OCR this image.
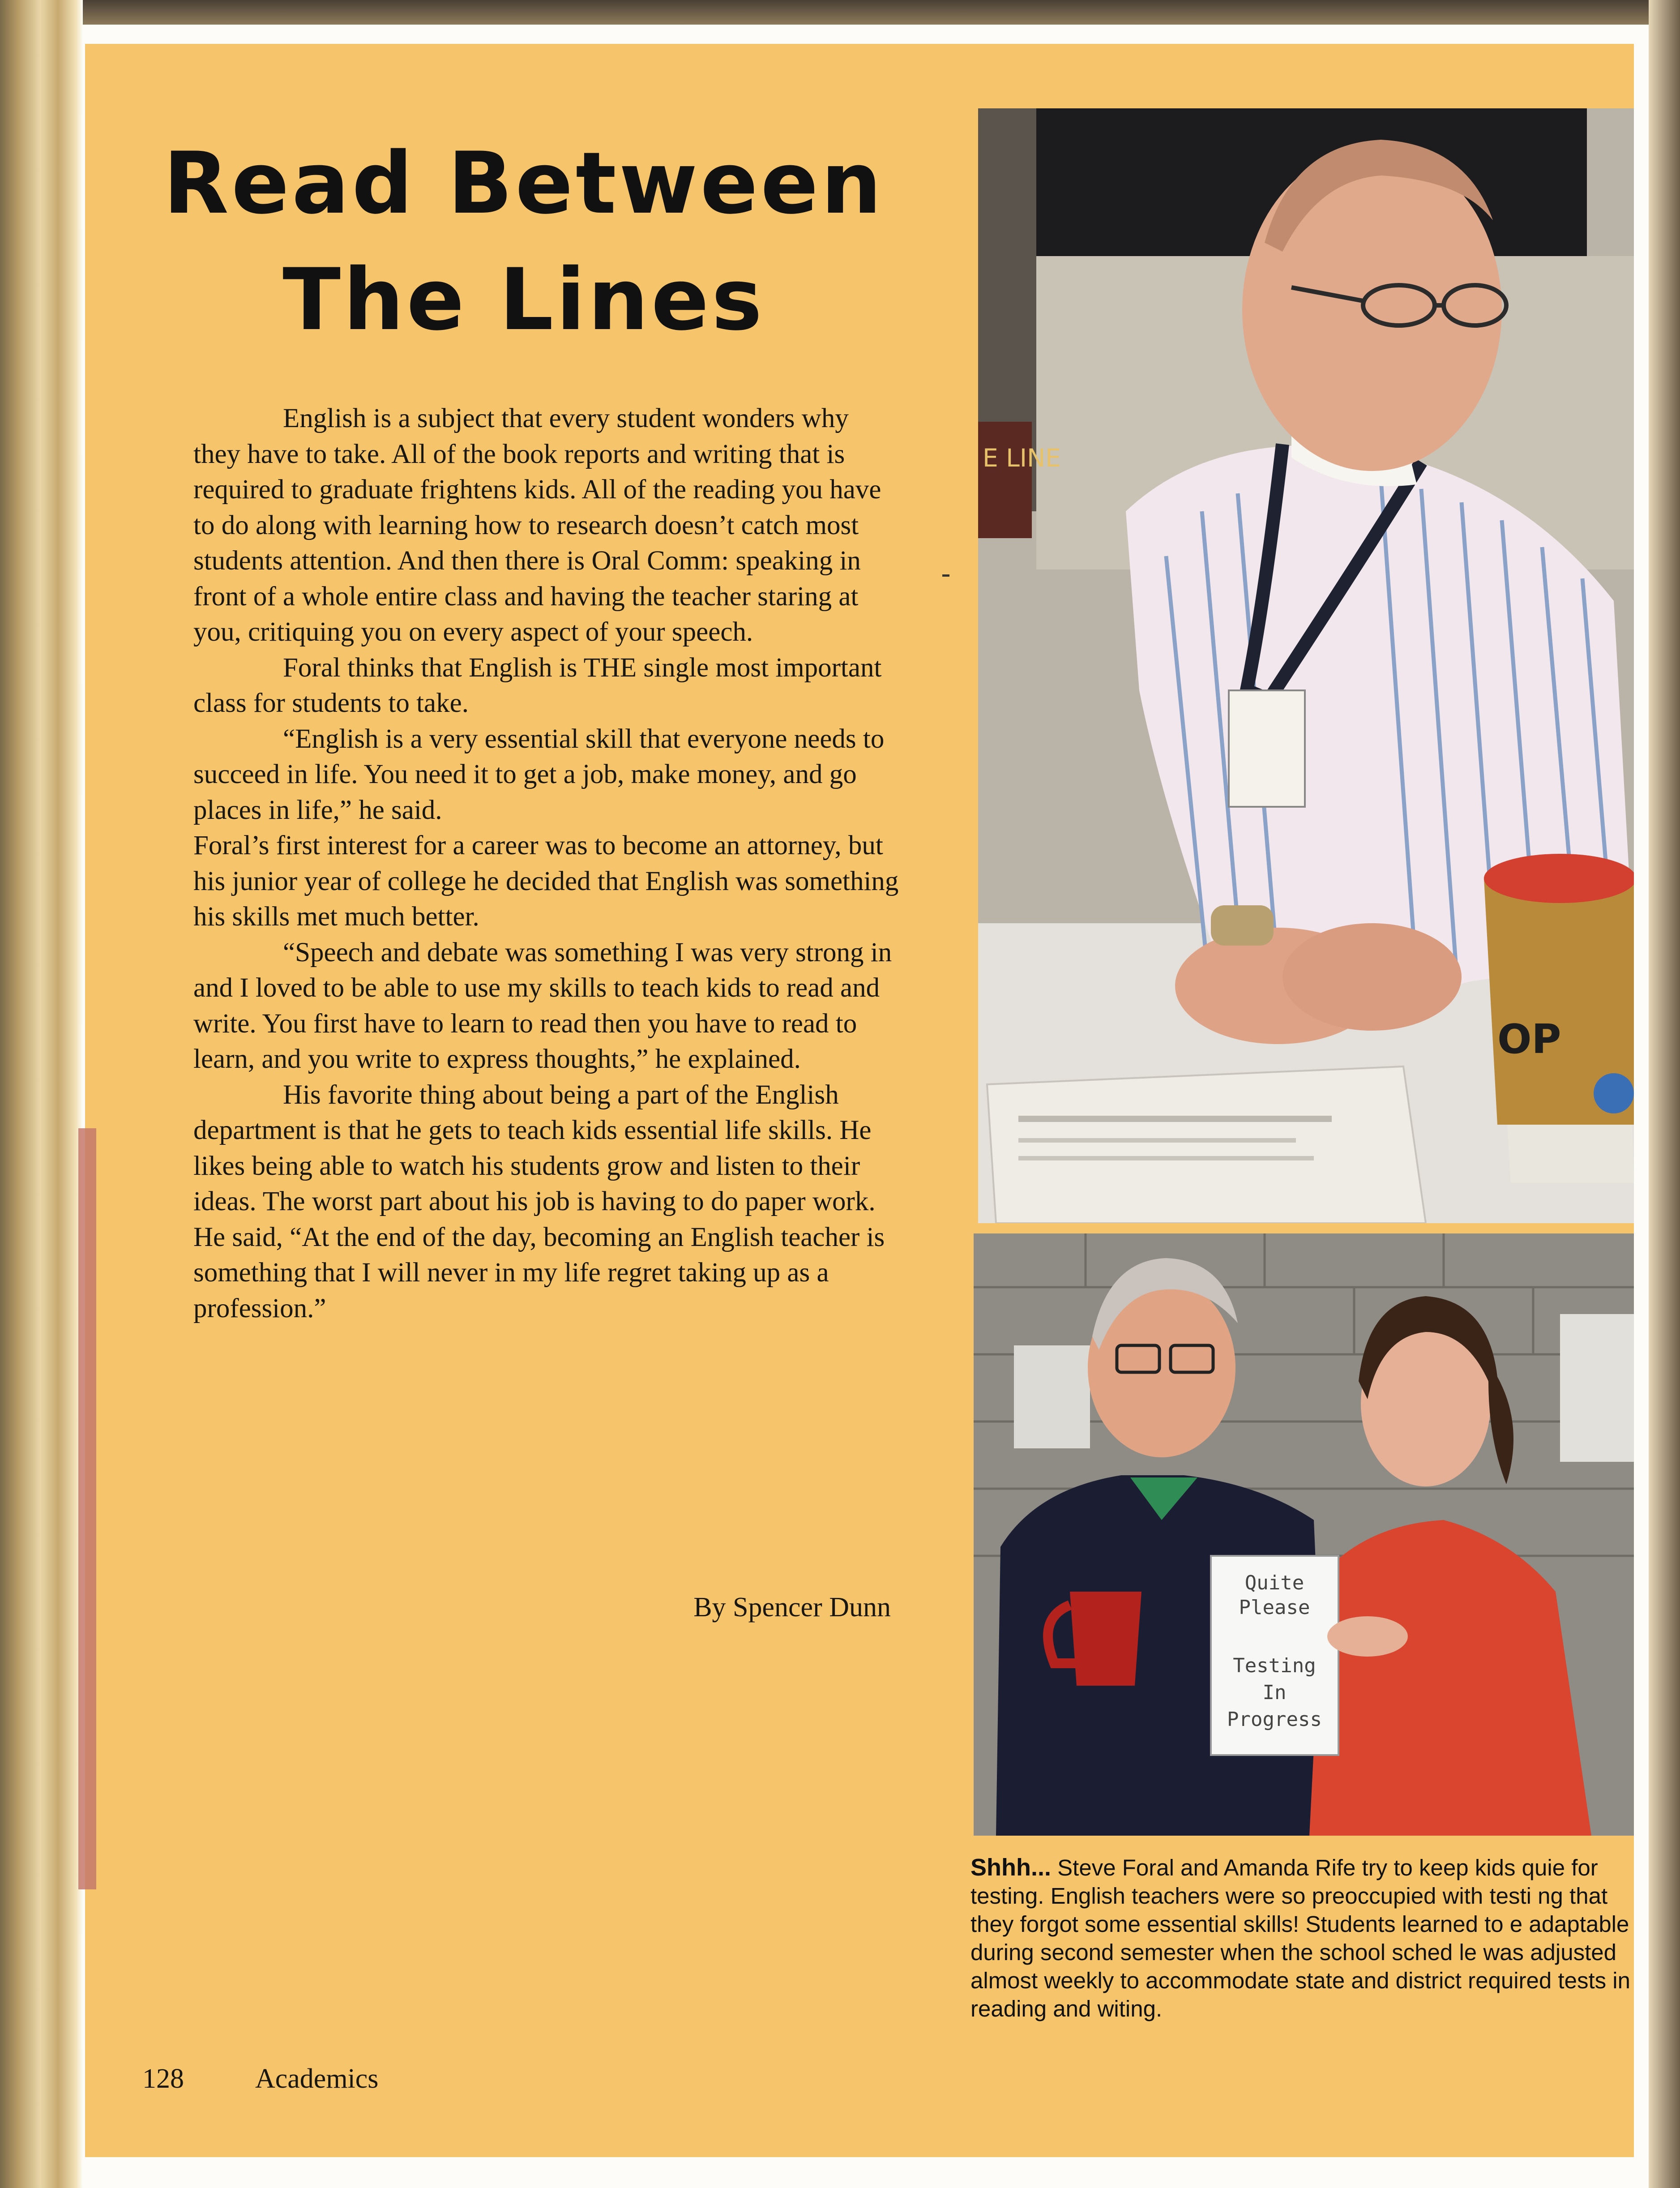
Read Between The Lines

English is a subject that every student wonders why they have to take. All of the book reports and writing that is required to graduate frightens kids. All of the reading you have to do along with learning how to research doesn’t catch most students attention. And then there is Oral Comm: speaking in front of a whole entire class and having the teacher staring at you, critiquing you on every aspect of your speech.

Foral thinks that English is THE single most important class for students to take.

“English is a very essential skill that everyone needs to succeed in life. You need it to get a job, make money, and go places in life,” he said.

Foral’s first interest for a career was to become an attorney, but his junior year of college he decided that English was something his skills met much better.

“Speech and debate was something I was very strong in and I loved to be able to use my skills to teach kids to read and write. You first have to learn to read then you have to read to learn, and you write to express thoughts,” he explained.

His favorite thing about being a part of the English department is that he gets to teach kids essential life skills. He likes being able to watch his students grow and listen to their ideas. The worst part about his job is having to do paper work. He said, “At the end of the day, becoming an English teacher is something that I will never in my life regret taking up as a profession.”

By Spencer Dunn
E LINE
OP
Quite
Please
Testing
In
Progress
Shhh... Steve Foral and Amanda Rife try to keep kids quie for testing. English teachers were so preoccupied with testi ng that they forgot some essential skills! Students learned to e adaptable during second semester when the school sched le was adjusted almost weekly to accommodate state and district required tests in reading and witing.
128	Academics
